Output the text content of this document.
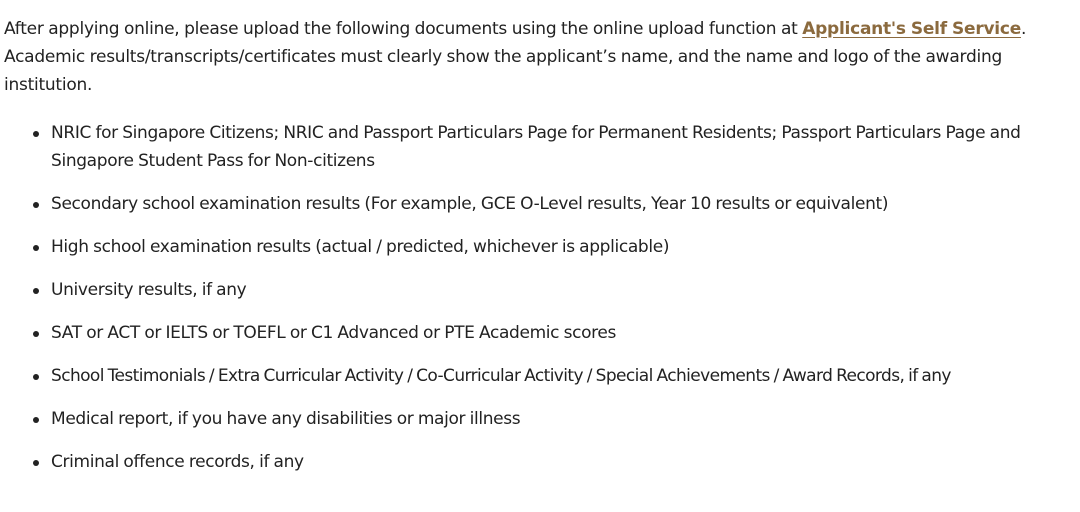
After applying online, please upload the following documents using the online upload function at Applicant's Self Service. Academic results/transcripts/certificates must clearly show the applicant’s name, and the name and logo of the awarding institution.

NRIC for Singapore Citizens; NRIC and Passport Particulars Page for Permanent Residents; Passport Particulars Page and Singapore Student Pass for Non-citizens
Secondary school examination results (For example, GCE O-Level results, Year 10 results or equivalent)
High school examination results (actual / predicted, whichever is applicable)
University results, if any
SAT or ACT or IELTS or TOEFL or C1 Advanced or PTE Academic scores
School Testimonials / Extra Curricular Activity / Co-Curricular Activity / Special Achievements / Award Records, if any
Medical report, if you have any disabilities or major illness
Criminal offence records, if any
